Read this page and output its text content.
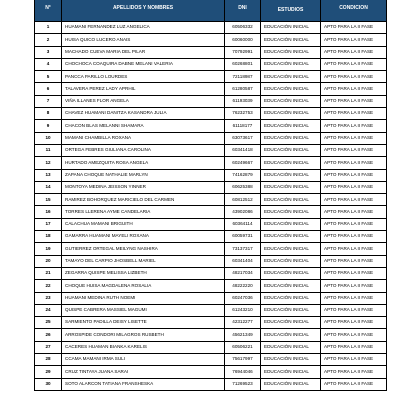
N°	APELLIDOS Y NOMBRES	DNI	ESTUDIOS	CONDICION
1	HUAMANI FERNANDEZ LUZ ANGELICA	60506332	EDUCACIÓN INICIAL	APTO PARA LA II FASE
2	HUISA QUICO LUCERO ANAIS	60060000	EDUCACIÓN INICIAL	APTO PARA LA II FASE
3	MACHADO CUEVA MARIA DEL PILAR	70792991	EDUCACIÓN INICIAL	APTO PARA LA II FASE
4	CHOCHOCA COAQUIRA DABNE MELANI VALERIA	60268801	EDUCACIÓN INICIAL	APTO PARA LA II FASE
5	PANCCA PARILLO LOURDES	72118987	EDUCACIÓN INICIAL	APTO PARA LA II FASE
6	TALAVERA PEREZ LADY APRHIL	61280587	EDUCACIÓN INICIAL	APTO PARA LA II FASE
7	VIÑA ILLANES FLOR ANGELA	61193039	EDUCACIÓN INICIAL	APTO PARA LA II FASE
8	CHAVEZ HUAMANI DANITZA KASANDRA JULIA	76232753	EDUCACIÓN INICIAL	APTO PARA LA II FASE
9	CHACON BLAS MELANNI SHAMARA	61118177	EDUCACIÓN INICIAL	APTO PARA LA II FASE
10	MAMANI CHAMBILLA ROXANA	63073617	EDUCACIÓN INICIAL	APTO PARA LA II FASE
11	ORTEGA FEBRES GIULIANA CAROLINA	60341418	EDUCACIÓN INICIAL	APTO PARA LA II FASE
12	HURTADO AMEZQUITA ROSA ANGELA	60249667	EDUCACIÓN INICIAL	APTO PARA LA II FASE
13	ZAPANA CHOQUE NATHALIE MARLYN	74162879	EDUCACIÓN INICIAL	APTO PARA LA II FASE
14	MONTOYA MEDINA JEISSON YINNER	60625388	EDUCACIÓN INICIAL	APTO PARA LA II FASE
15	RAMIREZ BOHORQUEZ MARICIELO DEL CARMEN	60812512	EDUCACIÓN INICIAL	APTO PARA LA II FASE
16	TORRES LLERENA AYME CANDELARIA	43902086	EDUCACIÓN INICIAL	APTO PARA LA II FASE
17	CALACHUA MAMANI BRIGUITH	60364114	EDUCACIÓN INICIAL	APTO PARA LA II FASE
18	GAMARRA HUAMANI MAYELI ROXANA	60059731	EDUCACIÓN INICIAL	APTO PARA LA II FASE
19	GUTIERREZ ORTEGAL MEILYNG NASHIRA	73137317	EDUCACIÓN INICIAL	APTO PARA LA II FASE
20	TAMAYO DEL CARPIO JHOSBELL MARIEL	60341404	EDUCACIÓN INICIAL	APTO PARA LA II FASE
21	ZEGARRA QUISPE MELISSA LIZBETH	48217034	EDUCACIÓN INICIAL	APTO PARA LA II FASE
22	CHOQUE HUISA MAGDALENA ROSALIA	48222220	EDUCACIÓN INICIAL	APTO PARA LA II FASE
23	HUAMANI MEDINA RUTH NOEMI	60247036	EDUCACIÓN INICIAL	APTO PARA LA II FASE
24	QUISPE CABRERA MASSIEL MAGUMI	61243210	EDUCACIÓN INICIAL	APTO PARA LA II FASE
25	SARMIENTO PADILLA DEISY LISETTE	42312277	EDUCACIÓN INICIAL	APTO PARA LA II FASE
26	ARROSPIDE CONDORI MILAGROS RUSBETH	45621349	EDUCACIÓN INICIAL	APTO PARA LA II FASE
27	CACERES HUAMAN BIANKA KARELIS	60506221	EDUCACIÓN INICIAL	APTO PARA LA II FASE
28	CCAMA MAMANI IRMA SULI	75617997	EDUCACIÓN INICIAL	APTO PARA LA II FASE
29	CRUZ TINTAYA JUANA SARAI	76944046	EDUCACIÓN INICIAL	APTO PARA LA II FASE
30	SOTO ALARCON TATIANA FRANSHESKA	71269523	EDUCACIÓN INICIAL	APTO PARA LA II FASE
